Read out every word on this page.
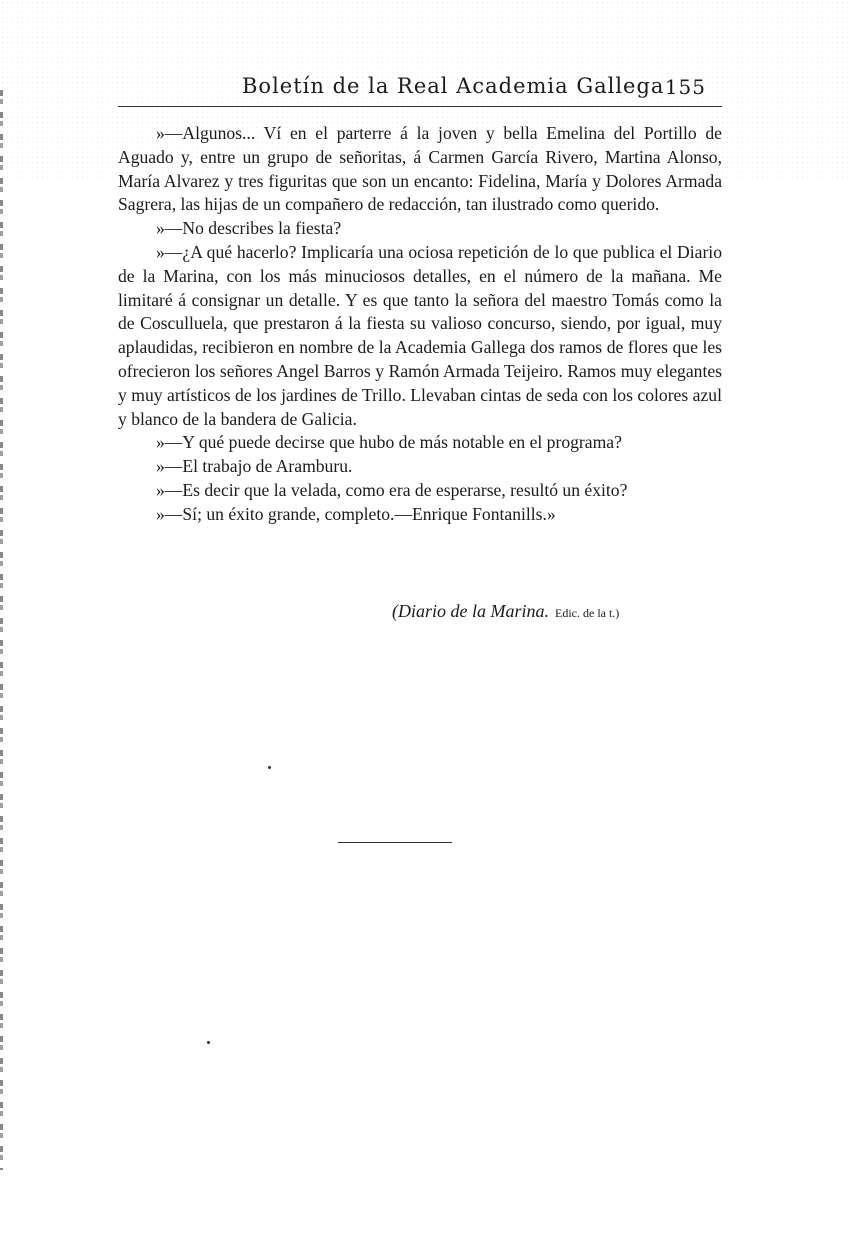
Boletín de la Real Academia Gallega 155

»—Algunos... Ví en el parterre á la joven y bella Emelina del Portillo de Aguado y, entre un grupo de señoritas, á Carmen García Rivero, Martina Alonso, María Alvarez y tres figuritas que son un encanto: Fidelina, María y Dolores Armada Sagrera, las hijas de un compañero de redacción, tan ilustrado como querido.

»—No describes la fiesta?

»—¿A qué hacerlo? Implicaría una ociosa repetición de lo que publica el Diario de la Marina, con los más minuciosos detalles, en el número de la mañana. Me limitaré á consignar un detalle. Y es que tanto la señora del maestro Tomás como la de Cosculluela, que prestaron á la fiesta su valioso concurso, siendo, por igual, muy aplaudidas, recibieron en nombre de la Academia Gallega dos ramos de flores que les ofrecieron los señores Angel Barros y Ramón Armada Teijeiro. Ramos muy elegantes y muy artísticos de los jardines de Trillo. Llevaban cintas de seda con los colores azul y blanco de la bandera de Galicia.

»—Y qué puede decirse que hubo de más notable en el programa?

»—El trabajo de Aramburu.

»—Es decir que la velada, como era de esperarse, resultó un éxito?

»—Sí; un éxito grande, completo.—Enrique Fontanills.»

(Diario de la Marina. Edic. de la t.)
